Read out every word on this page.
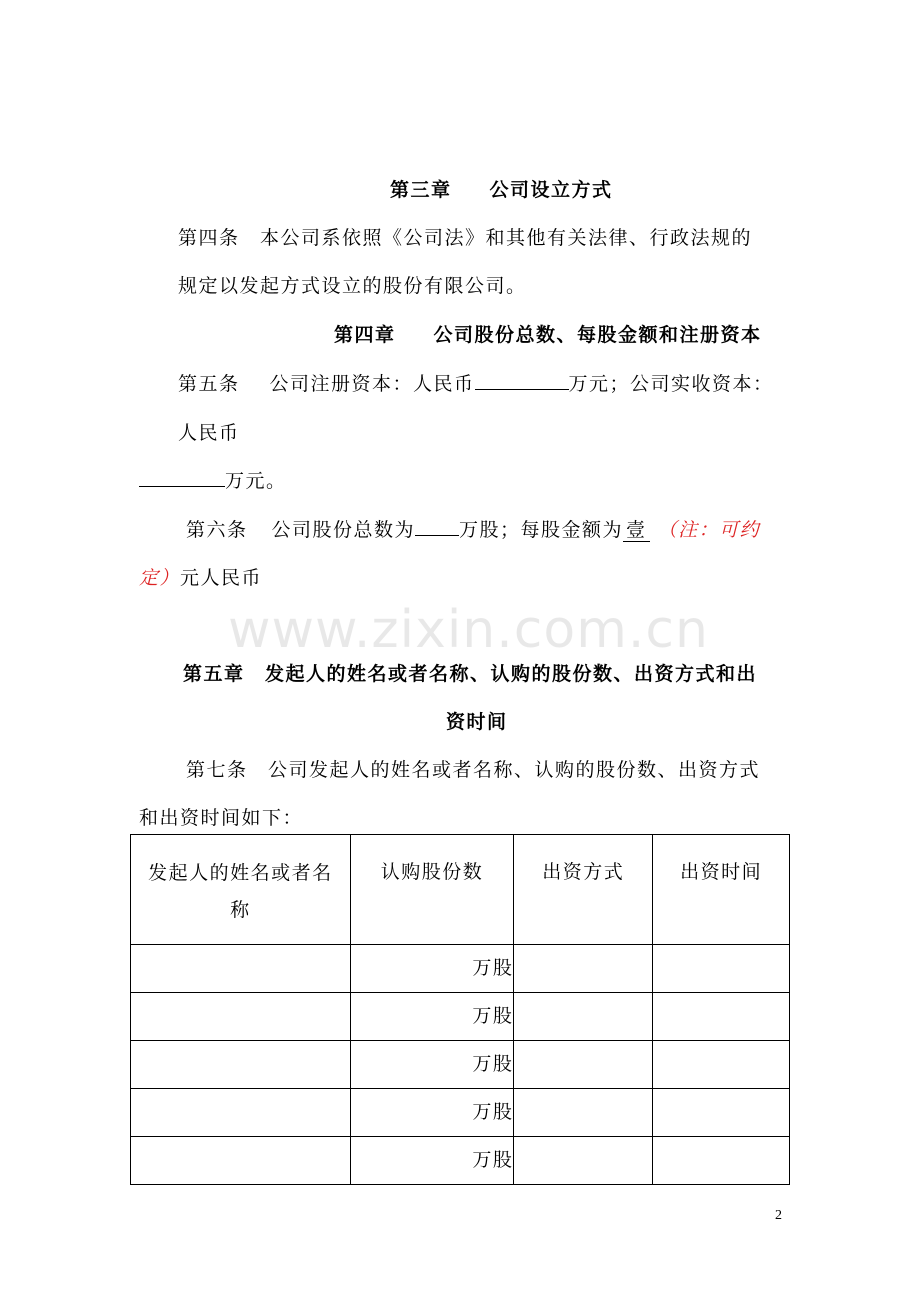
www.zixin.com.cn
第三章 公司设立方式
第四条　本公司系依照《公司法》和其他有关法律、行政法规的
规定以发起方式设立的股份有限公司。
第四章 公司股份总数、每股金额和注册资本
第五条 公司注册资本：人民币	万元；公司实收资本：
人民币
万元。
第六条 公司股份总数为 万股；每股金额为 壹 （注：可约
定）元人民币
第五章　发起人的姓名或者名称、认购的股份数、出资方式和出
资时间
第七条　公司发起人的姓名或者名称、认购的股份数、出资方式
和出资时间如下：
发起人的姓名或者名
称	认购股份数	出资方式	出资时间
	万股		
	万股		
	万股		
	万股		
	万股		
2
